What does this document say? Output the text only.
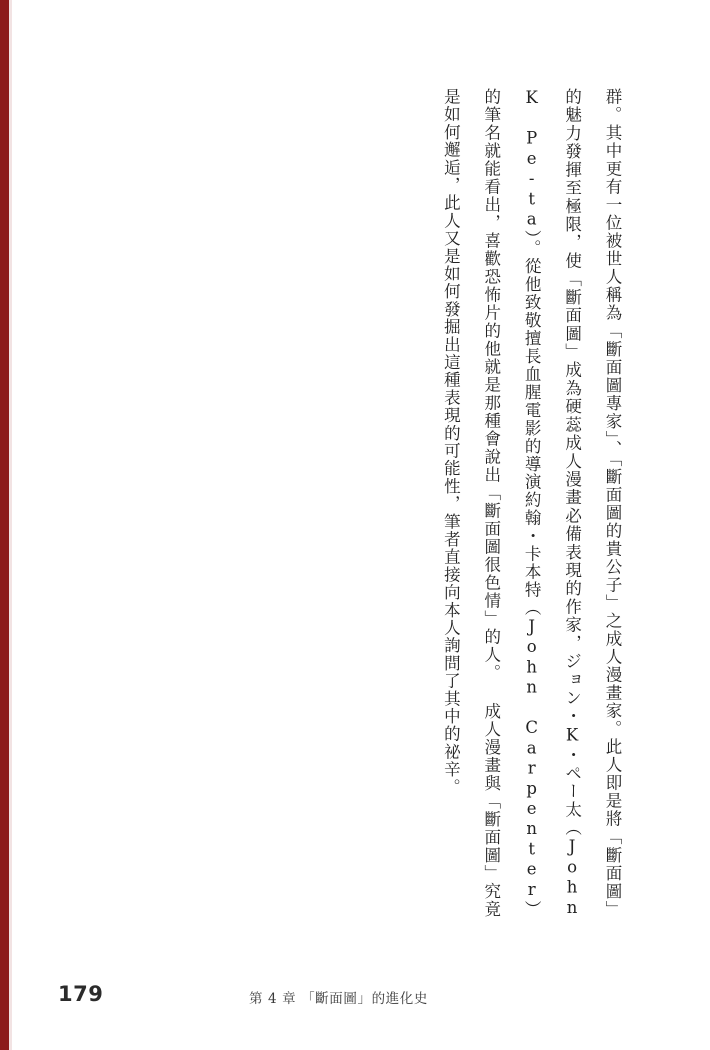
群。其中更有一位被世人稱為「斷面圖專家」、「斷面圖的貴公子」之成人漫畫家。此人即是將「斷面圖」的魅力發揮至極限，使「斷面圖」成為硬蕊成人漫畫必備表現的作家，ジョン・K・ペー太（John K Pe-ta）。從他致敬擅長血腥電影的導演約翰・卡本特（John Carpenter）的筆名就能看出，喜歡恐怖片的他就是那種會說出「斷面圖很色情」的人。 成人漫畫與「斷面圖」究竟是如何邂逅，此人又是如何發掘出這種表現的可能性，筆者直接向本人詢問了其中的祕辛。

179	第 4 章 「斷面圖」的進化史
